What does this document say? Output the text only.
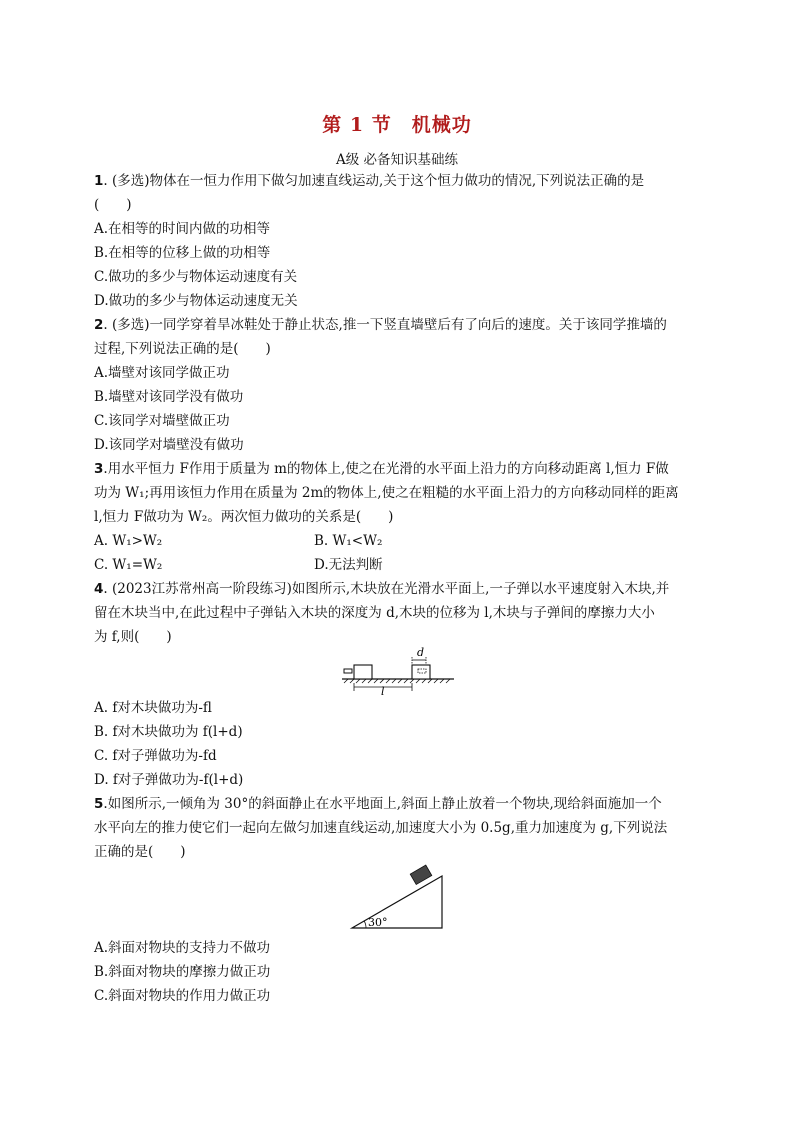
第 1 节　机械功
A级 必备知识基础练
1. (多选)物体在一恒力作用下做匀加速直线运动,关于这个恒力做功的情况,下列说法正确的是
(　　)
A.在相等的时间内做的功相等
B.在相等的位移上做的功相等
C.做功的多少与物体运动速度有关
D.做功的多少与物体运动速度无关
2. (多选)一同学穿着旱冰鞋处于静止状态,推一下竖直墙壁后有了向后的速度。关于该同学推墙的
过程,下列说法正确的是(　　)
A.墙壁对该同学做正功
B.墙壁对该同学没有做功
C.该同学对墙壁做正功
D.该同学对墙壁没有做功
3.用水平恒力 F作用于质量为 m的物体上,使之在光滑的水平面上沿力的方向移动距离 l,恒力 F做
功为 W₁;再用该恒力作用在质量为 2m的物体上,使之在粗糙的水平面上沿力的方向移动同样的距离
l,恒力 F做功为 W₂。两次恒力做功的关系是(　　)
A. W₁>W₂	B. W₁<W₂
C. W₁=W₂	D.无法判断
4. (2023江苏常州高一阶段练习)如图所示,木块放在光滑水平面上,一子弹以水平速度射入木块,并
留在木块当中,在此过程中子弹钻入木块的深度为 d,木块的位移为 l,木块与子弹间的摩擦力大小
为 f,则(　　)
d
l
A. f对木块做功为-fl
B. f对木块做功为 f(l+d)
C. f对子弹做功为-fd
D. f对子弹做功为-f(l+d)
5.如图所示,一倾角为 30°的斜面静止在水平地面上,斜面上静止放着一个物块,现给斜面施加一个
水平向左的推力使它们一起向左做匀加速直线运动,加速度大小为 0.5g,重力加速度为 g,下列说法
正确的是(　　)
30°
A.斜面对物块的支持力不做功
B.斜面对物块的摩擦力做正功
C.斜面对物块的作用力做正功
